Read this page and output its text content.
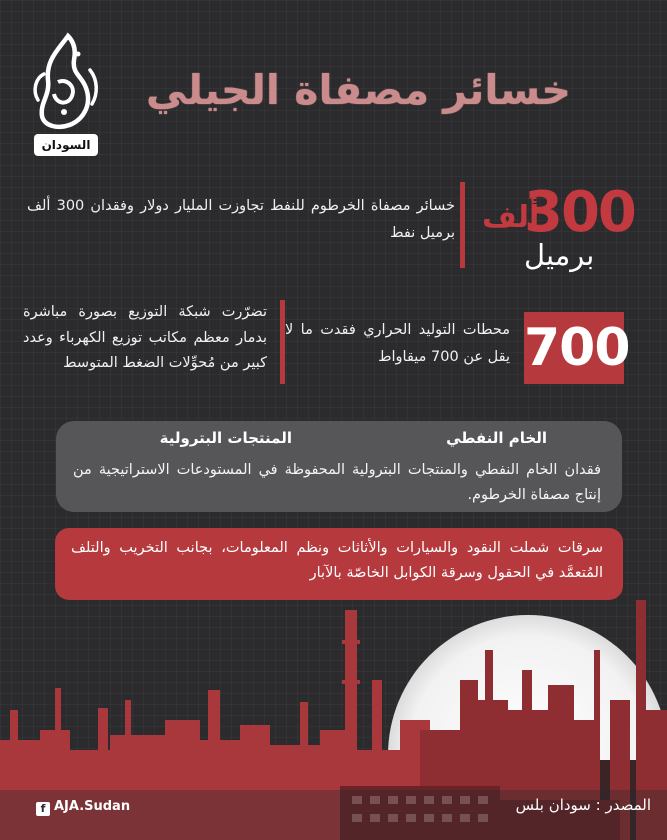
السودان
خسائر مصفاة الجيلي
ألف
300
برميل
خسائر مصفاة الخرطوم للنفط تجاوزت المليار دولار وفقدان 300 ألف برميل نفط
700
محطات التوليد الحراري فقدت ما لا يقل عن 700 ميقاواط
تضرّرت شبكة التوزيع بصورة مباشرة بدمار معظم مكاتب توزيع الكهرباء وعدد كبير من مُحوِّلات الضغط المتوسط
الخام النفطي
المنتجات البترولية
فقدان الخام النفطي والمنتجات البترولية المحفوظة في المستودعات الاستراتيجية من إنتاج مصفاة الخرطوم.
سرقات شملت النقود والسيارات والأثاثات ونظم المعلومات، بجانب التخريب والتلف المُتعمَّد في الحقول وسرقة الكوابل الخاصّة بالآبار
f AJA.Sudan	المصدر : سودان بلس
